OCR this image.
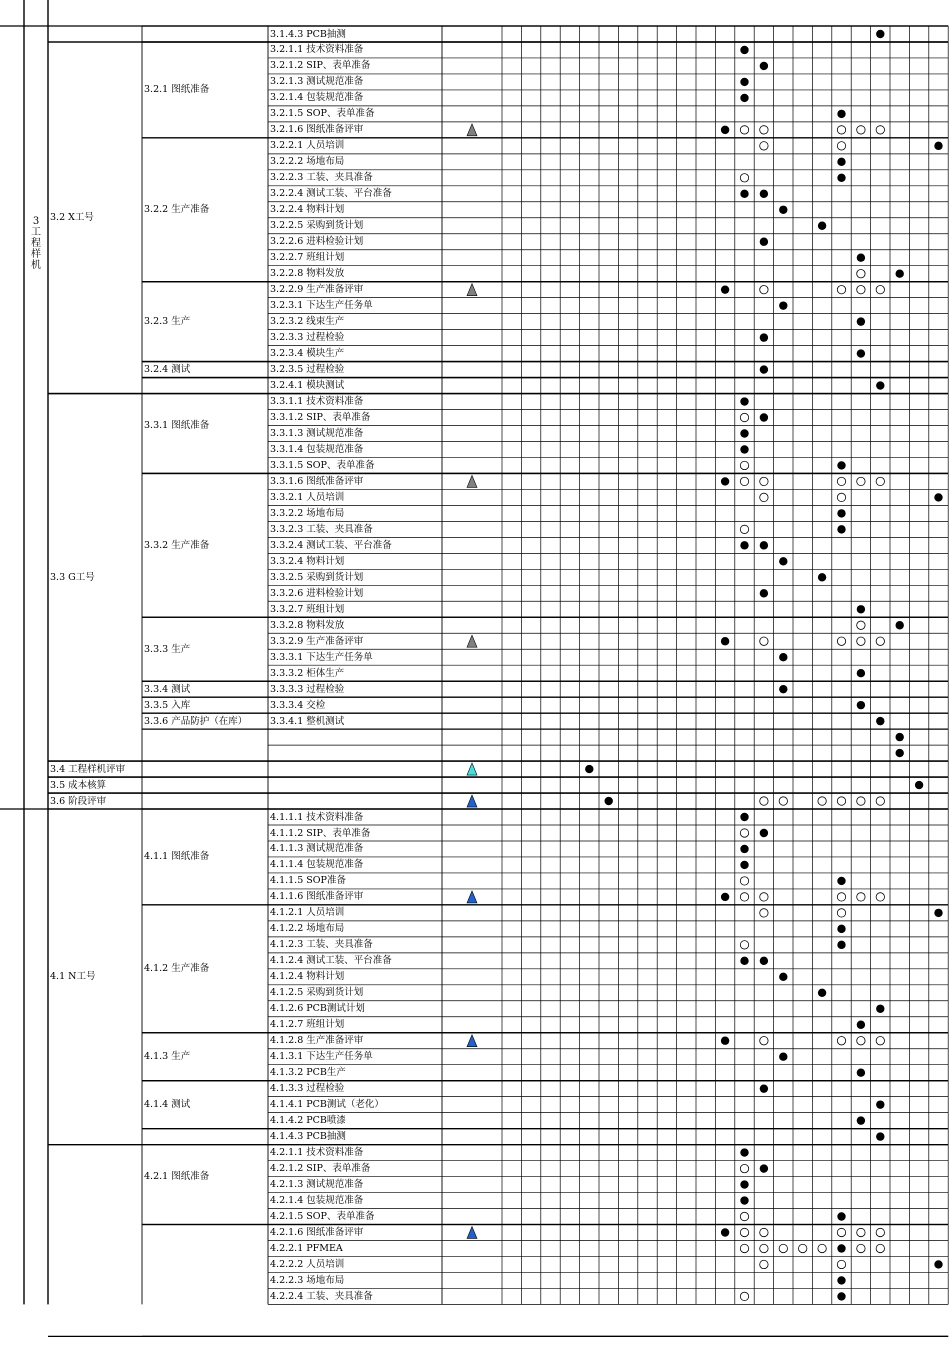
3.2 X工号
3.3 G工号
3.4 工程样机评审
3.5 成本核算
3.6 阶段评审
4.1 N工号
3.2.1 图纸准备
3.2.2 生产准备
3.2.3 生产
3.2.4 测试
3.3.1 图纸准备
3.3.2 生产准备
3.3.3 生产
3.3.4 测试
3.3.5 入库
3.3.6 产品防护（在库）
4.1.1 图纸准备
4.1.2 生产准备
4.1.3 生产
4.1.4 测试
4.2.1 图纸准备
3
工
程
样
机
3.1.4.3 PCB抽测
3.2.1.1 技术资料准备
3.2.1.2 SIP、表单准备
3.2.1.3 测试规范准备
3.2.1.4 包装规范准备
3.2.1.5 SOP、表单准备
3.2.1.6 图纸准备评审
3.2.2.1 人员培训
3.2.2.2 场地布局
3.2.2.3 工装、夹具准备
3.2.2.4 测试工装、平台准备
3.2.2.4 物料计划
3.2.2.5 采购到货计划
3.2.2.6 进料检验计划
3.2.2.7 班组计划
3.2.2.8 物料发放
3.2.2.9 生产准备评审
3.2.3.1 下达生产任务单
3.2.3.2 线束生产
3.2.3.3 过程检验
3.2.3.4 模块生产
3.2.3.5 过程检验
3.2.4.1 模块测试
3.3.1.1 技术资料准备
3.3.1.2 SIP、表单准备
3.3.1.3 测试规范准备
3.3.1.4 包装规范准备
3.3.1.5 SOP、表单准备
3.3.1.6 图纸准备评审
3.3.2.1 人员培训
3.3.2.2 场地布局
3.3.2.3 工装、夹具准备
3.3.2.4 测试工装、平台准备
3.3.2.4 物料计划
3.3.2.5 采购到货计划
3.3.2.6 进料检验计划
3.3.2.7 班组计划
3.3.2.8 物料发放
3.3.2.9 生产准备评审
3.3.3.1 下达生产任务单
3.3.3.2 柜体生产
3.3.3.3 过程检验
3.3.3.4 交检
3.3.4.1 整机测试
4.1.1.1 技术资料准备
4.1.1.2 SIP、表单准备
4.1.1.3 测试规范准备
4.1.1.4 包装规范准备
4.1.1.5 SOP准备
4.1.1.6 图纸准备评审
4.1.2.1 人员培训
4.1.2.2 场地布局
4.1.2.3 工装、夹具准备
4.1.2.4 测试工装、平台准备
4.1.2.4 物料计划
4.1.2.5 采购到货计划
4.1.2.6 PCB测试计划
4.1.2.7 班组计划
4.1.2.8 生产准备评审
4.1.3.1 下达生产任务单
4.1.3.2 PCB生产
4.1.3.3 过程检验
4.1.4.1 PCB测试（老化）
4.1.4.2 PCB喷漆
4.1.4.3 PCB抽测
4.2.1.1 技术资料准备
4.2.1.2 SIP、表单准备
4.2.1.3 测试规范准备
4.2.1.4 包装规范准备
4.2.1.5 SOP、表单准备
4.2.1.6 图纸准备评审
4.2.2.1 PFMEA
4.2.2.2 人员培训
4.2.2.3 场地布局
4.2.2.4 工装、夹具准备
